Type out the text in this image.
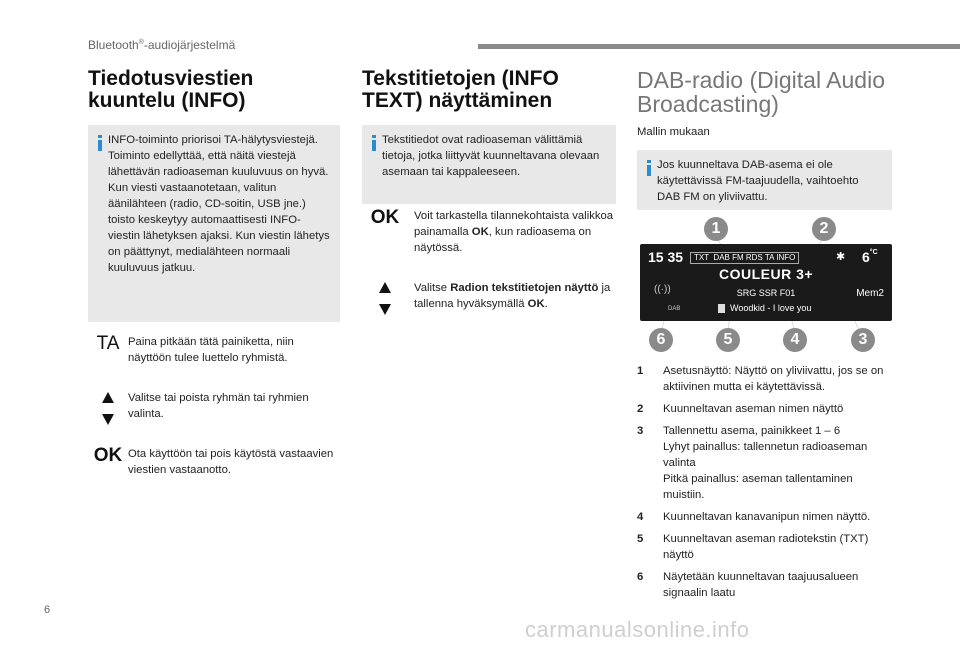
Bluetooth®-audiojärjestelmä
Tiedotusviestien kuuntelu (INFO)

INFO-toiminto priorisoi TA-hälytysviestejä. Toiminto edellyttää, että näitä viestejä lähettävän radioaseman kuuluvuus on hyvä. Kun viesti vastaanotetaan, valitun äänilähteen (radio, CD-soitin, USB jne.) toisto keskeytyy automaattisesti INFO-viestin lähetyksen ajaksi. Kun viestin lähetys on päättynyt, medialähteen normaali kuuluvuus jatkuu.

TA Paina pitkään tätä painiketta, niin näyttöön tulee luettelo ryhmistä.
Valitse tai poista ryhmän tai ryhmien valinta.
OK Ota käyttöön tai pois käytöstä vastaavien viestien vastaanotto.
Tekstitietojen (INFO TEXT) näyttäminen

Tekstitiedot ovat radioaseman välittämiä tietoja, jotka liittyvät kuunneltavana olevaan asemaan tai kappaleeseen.

OK	Voit tarkastella tilannekohtaista valikkoa painamalla OK, kun radioasema on näytössä.
Valitse Radion tekstitietojen näyttö ja tallenna hyväksymällä OK.
DAB-radio (Digital Audio Broadcasting)
Mallin mukaan

Jos kuunneltava DAB-asema ei ole käytettävissä FM-taajuudella, vaihtoehto DAB FM on yliviivattu.

15 35	TXT  DAB FM RDS TA INFO	✱ $6^{^\circ C}$
COULEUR 3+
((·))
DAB
SRG SSR F01	Mem2
Woodkid - I love you
1	2
6	5	4	3
1	Asetusnäyttö: Näyttö on yliviivattu, jos se on aktiivinen mutta ei käytettävissä.
2	Kuunneltavan aseman nimen näyttö
3	Tallennettu asema, painikkeet 1 – 6
Lyhyt painallus: tallennetun radioaseman valinta
Pitkä painallus: aseman tallentaminen muistiin.
4	Kuunneltavan kanavanipun nimen näyttö.
5	Kuunneltavan aseman radiotekstin (TXT) näyttö
6	Näytetään kuunneltavan taajuusalueen signaalin laatu
6
carmanualsonline.info
